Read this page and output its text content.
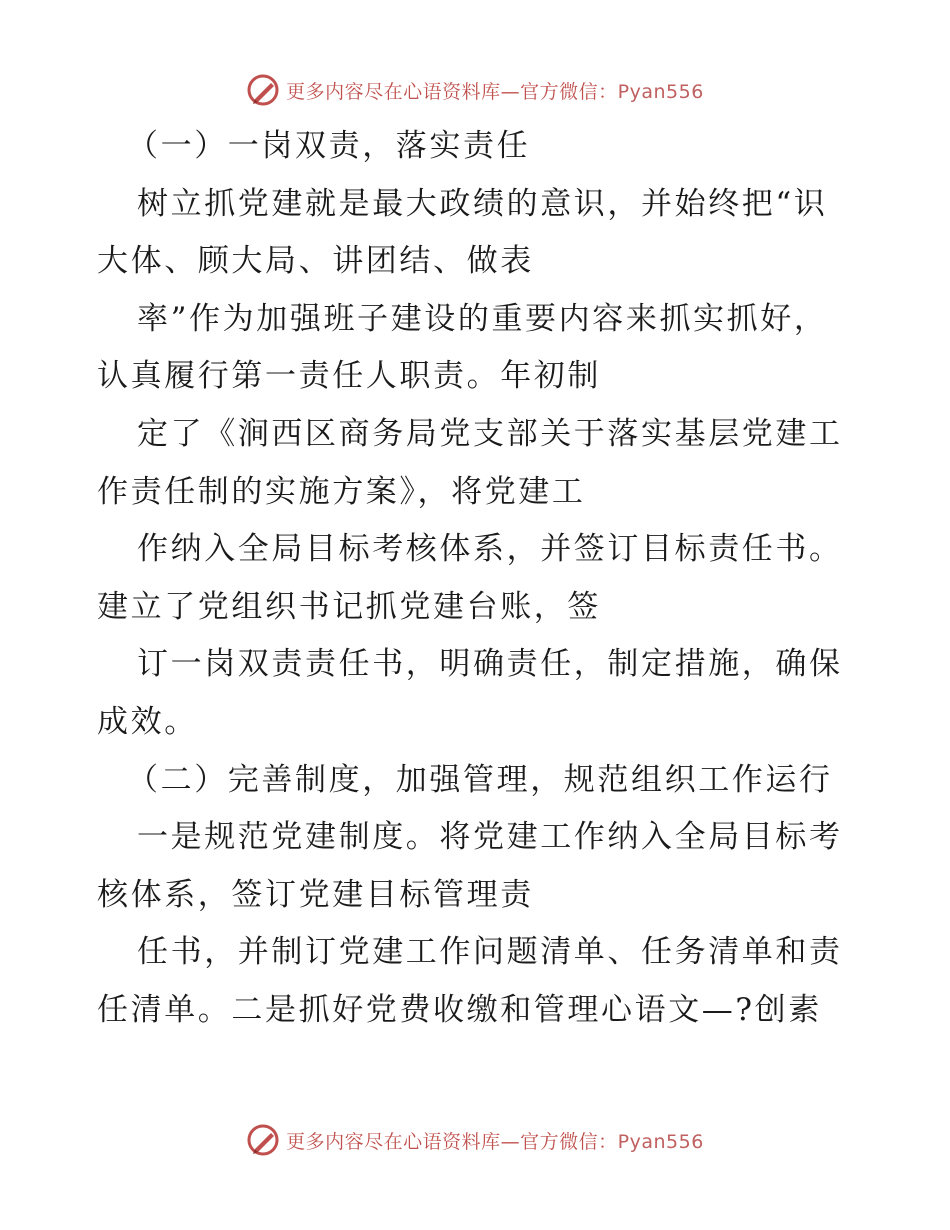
更多内容尽在心语资料库—官方微信：Pyan556
（一）一岗双责，落实责任
树立抓党建就是最大政绩的意识，并始终把“识
大体、顾大局、讲团结、做表
率”作为加强班子建设的重要内容来抓实抓好，
认真履行第一责任人职责。年初制
定了《涧西区商务局党支部关于落实基层党建工
作责任制的实施方案》，将党建工
作纳入全局目标考核体系，并签订目标责任书。
建立了党组织书记抓党建台账，签
订一岗双责责任书，明确责任，制定措施，确保
成效。
（二）完善制度，加强管理，规范组织工作运行
一是规范党建制度。将党建工作纳入全局目标考
核体系，签订党建目标管理责
任书，并制订党建工作问题清单、任务清单和责
任清单。二是抓好党费收缴和管理心语文—?创素
更多内容尽在心语资料库—官方微信：Pyan556
